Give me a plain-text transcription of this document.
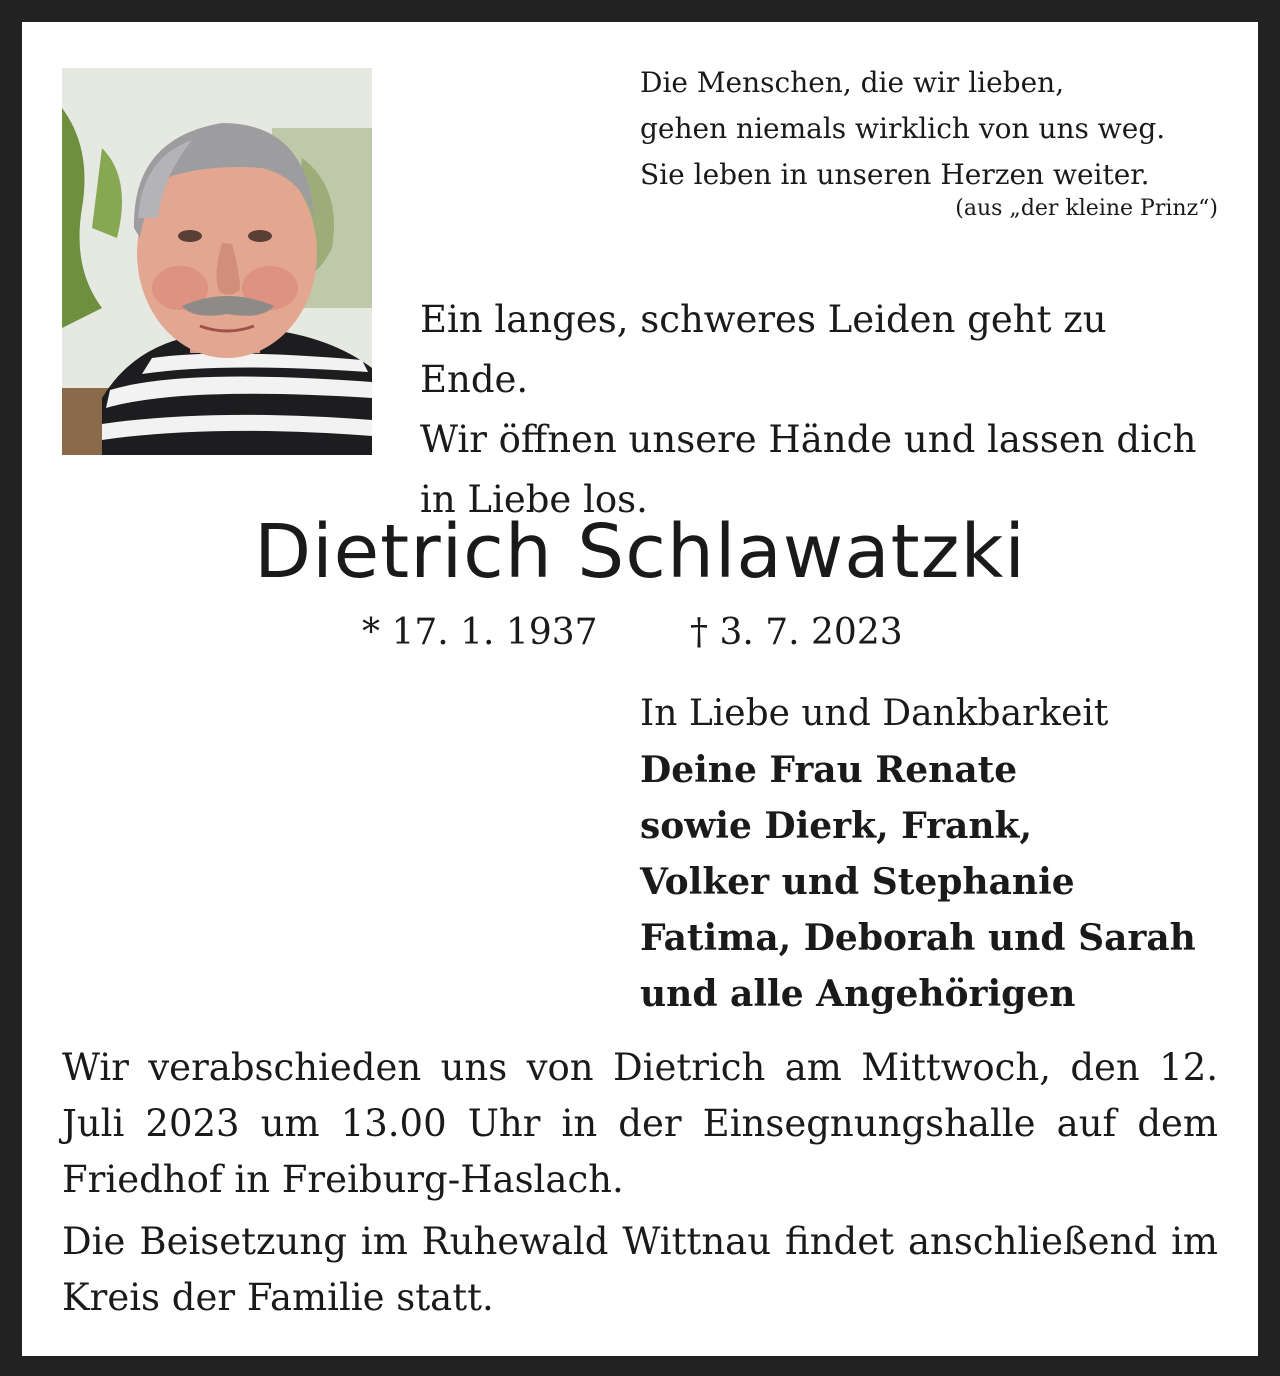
Die Menschen, die wir lieben,
gehen niemals wirklich von uns weg.
Sie leben in unseren Herzen weiter.
(aus „der kleine Prinz“)
Ein langes, schweres Leiden geht zu Ende.
Wir öffnen unsere Hände und lassen dich
in Liebe los.
Dietrich Schlawatzki
* 17. 1. 1937	† 3. 7. 2023
In Liebe und Dankbarkeit
Deine Frau Renate
sowie Dierk, Frank,
Volker und Stephanie
Fatima, Deborah und Sarah
und alle Angehörigen

Wir verabschieden uns von Dietrich am Mittwoch, den 12. Juli 2023 um 13.00 Uhr in der Einsegnungshalle auf dem Friedhof in Freiburg-Haslach.

Die Beisetzung im Ruhewald Wittnau findet anschließend im Kreis der Familie statt.
